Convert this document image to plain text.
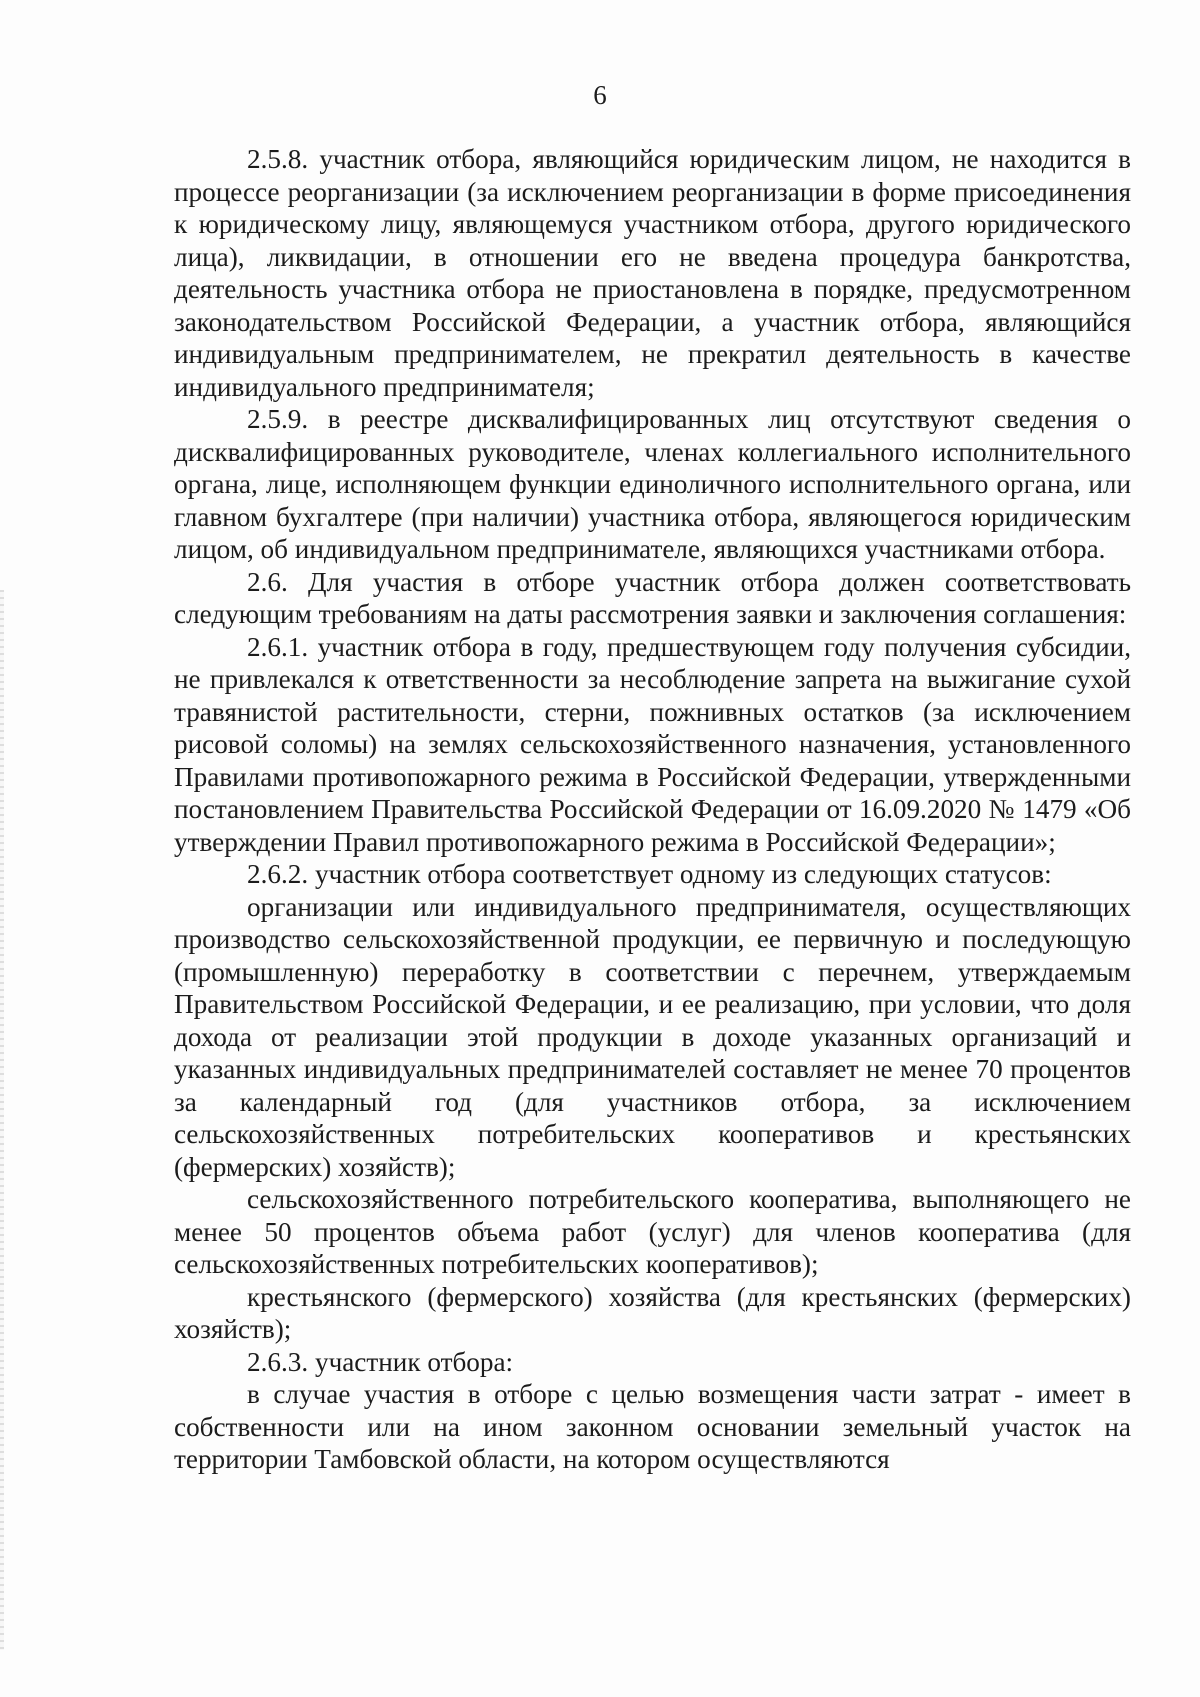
6

2.5.8. участник отбора, являющийся юридическим лицом, не находится в процессе реорганизации (за исключением реорганизации в форме присоединения к юридическому лицу, являющемуся участником отбора, другого юридического лица), ликвидации, в отношении его не введена процедура банкротства, деятельность участника отбора не приостановлена в порядке, предусмотренном законодательством Российской Федерации, а участник отбора, являющийся индивидуальным предпринимателем, не прекратил деятельность в качестве индивидуального предпринимателя;

2.5.9. в реестре дисквалифицированных лиц отсутствуют сведения о дисквалифицированных руководителе, членах коллегиального исполнительного органа, лице, исполняющем функции единоличного исполнительного органа, или главном бухгалтере (при наличии) участника отбора, являющегося юридическим лицом, об индивидуальном предпринимателе, являющихся участниками отбора.

2.6. Для участия в отборе участник отбора должен соответствовать следующим требованиям на даты рассмотрения заявки и заключения соглашения:

2.6.1. участник отбора в году, предшествующем году получения субсидии, не привлекался к ответственности за несоблюдение запрета на выжигание сухой травянистой растительности, стерни, пожнивных остатков (за исключением рисовой соломы) на землях сельскохозяйственного назначения, установленного Правилами противопожарного режима в Российской Федерации, утвержденными постановлением Правительства Российской Федерации от 16.09.2020 № 1479 «Об утверждении Правил противопожарного режима в Российской Федерации»;

2.6.2. участник отбора соответствует одному из следующих статусов:

организации или индивидуального предпринимателя, осуществляющих производство сельскохозяйственной продукции, ее первичную и последующую (промышленную) переработку в соответствии с перечнем, утверждаемым Правительством Российской Федерации, и ее реализацию, при условии, что доля дохода от реализации этой продукции в доходе указанных организаций и указанных индивидуальных предпринимателей составляет не менее 70 процентов за календарный год (для участников отбора, за исключением сельскохозяйственных потребительских кооперативов и крестьянских (фермерских) хозяйств);

сельскохозяйственного потребительского кооператива, выполняющего не менее 50 процентов объема работ (услуг) для членов кооператива (для сельскохозяйственных потребительских кооперативов);

крестьянского (фермерского) хозяйства (для крестьянских (фермерских) хозяйств);

2.6.3. участник отбора:

в случае участия в отборе с целью возмещения части затрат - имеет в собственности или на ином законном основании земельный участок на территории Тамбовской области, на котором осуществляются
